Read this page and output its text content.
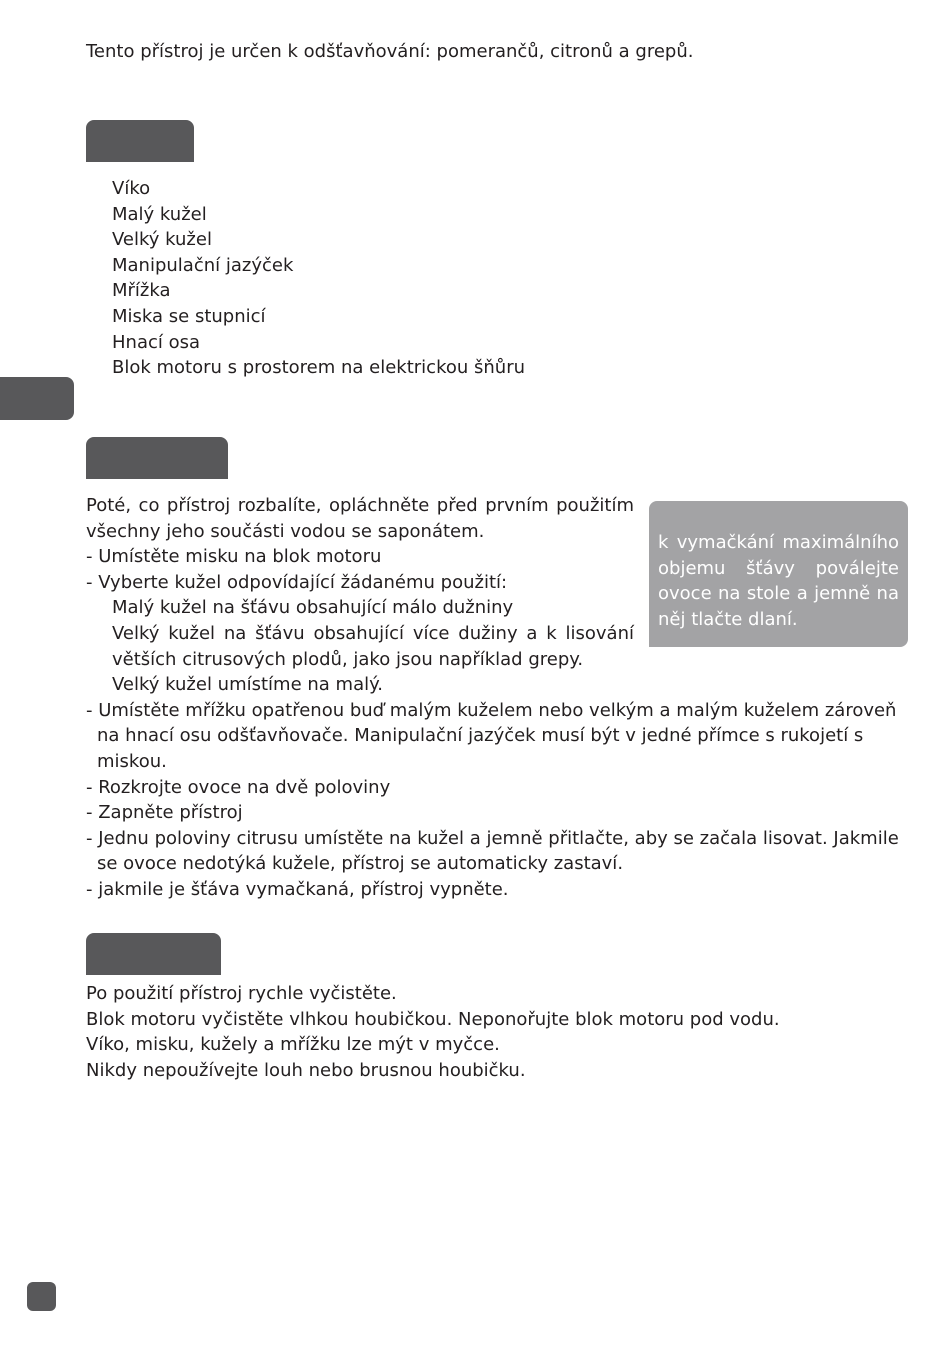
Tento přístroj je určen k odšťavňování: pomerančů, citronů a grepů.

Víko
Malý kužel
Velký kužel
Manipulační jazýček
Mřížka
Miska se stupnicí
Hnací osa
Blok motoru s prostorem na elektrickou šňůru

Poté, co přístroj rozbalíte, opláchněte před prvním použitím všechny jeho součásti vodou se saponátem.

- Umístěte misku na blok motoru

- Vyberte kužel odpovídající žádanému použití:

Malý kužel na šťávu obsahující málo dužniny

Velký kužel na šťávu obsahující více dužiny a k lisování větších citrusových plodů, jako jsou například grepy.

Velký kužel umístíme na malý.

- Umístěte mřížku opatřenou buď malým kuželem nebo velkým a malým kuželem zároveň na hnací osu odšťavňovače. Manipulační jazýček musí být v jedné přímce s rukojetí s miskou.

- Rozkrojte ovoce na dvě poloviny

- Zapněte přístroj

- Jednu poloviny citrusu umístěte na kužel a jemně přitlačte, aby se začala lisovat. Jakmile se ovoce nedotýká kužele, přístroj se automaticky zastaví.

- jakmile je šťáva vymačkaná, přístroj vypněte.

k vymačkání maximálního objemu šťávy poválejte ovoce na stole a jemně na něj tlačte dlaní.

Po použití přístroj rychle vyčistěte.

Blok motoru vyčistěte vlhkou houbičkou. Neponořujte blok motoru pod vodu.

Víko, misku, kužely a mřížku lze mýt v myčce.

Nikdy nepoužívejte louh nebo brusnou houbičku.
